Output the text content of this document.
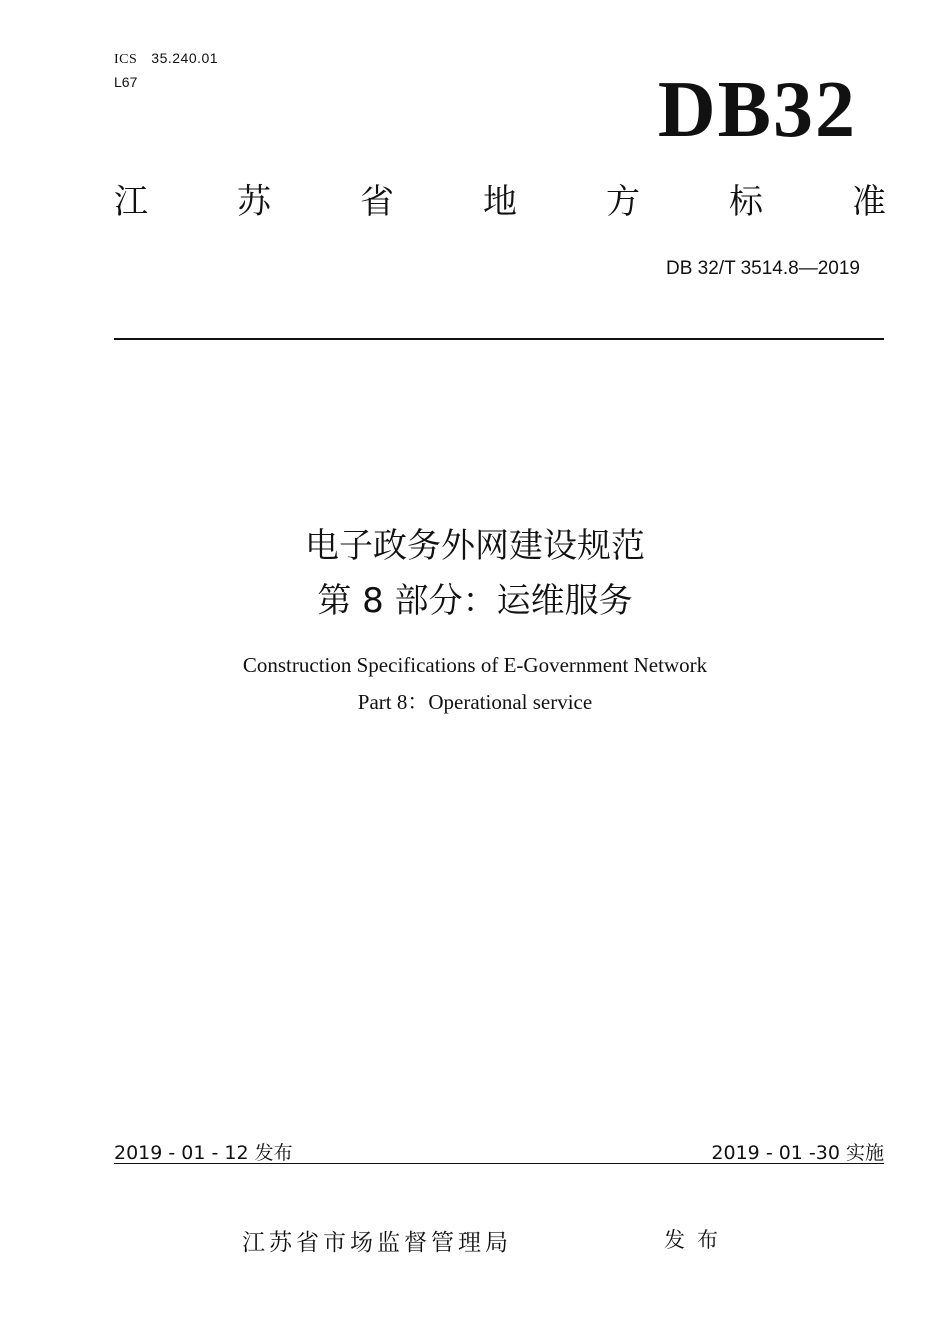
ICS 35.240.01
L67	DB32
江	苏	省	地	方	标	准
DB 32/T 3514.8—2019
电子政务外网建设规范
第 8 部分：运维服务
Construction Specifications of E-Government Network
Part 8：Operational service
2019 - 01 - 12 发布	2019 - 01 -30 实施
江苏省市场监督管理局	发布
